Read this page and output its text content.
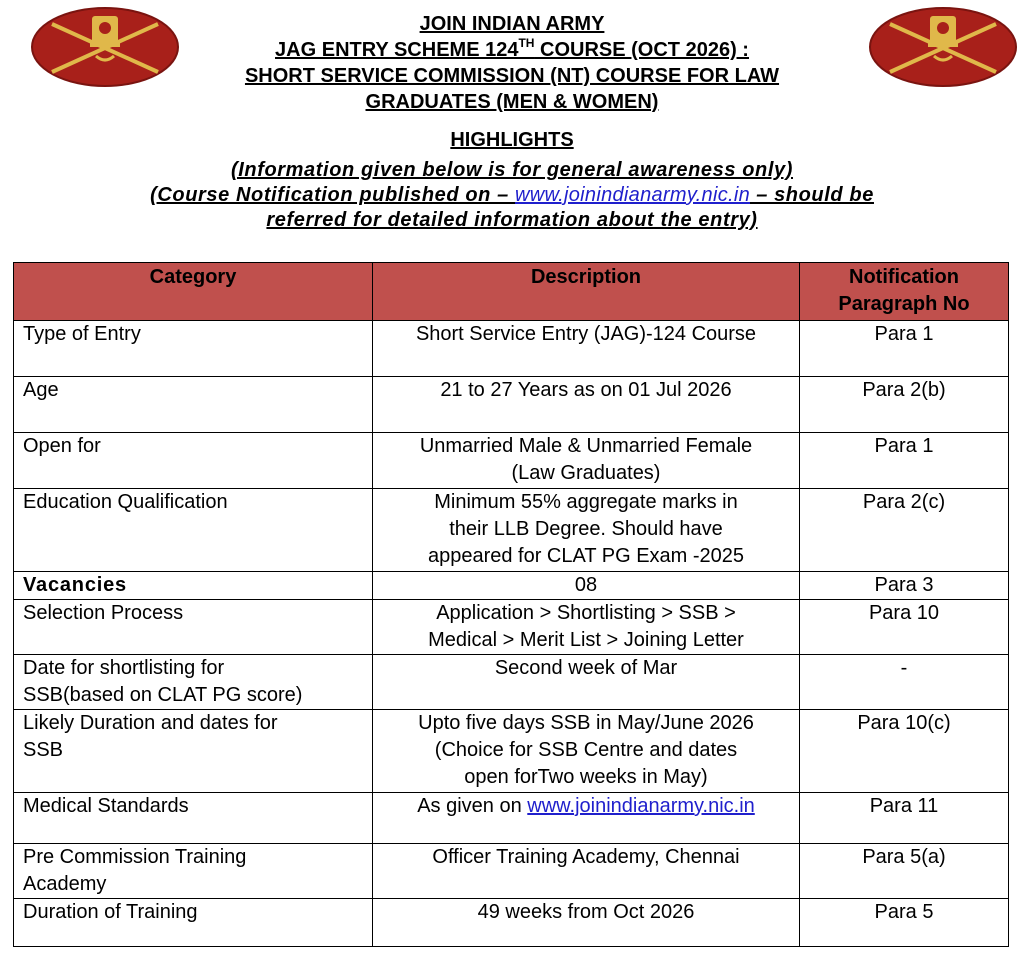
JOIN INDIAN ARMY
JAG ENTRY SCHEME 124TH COURSE (OCT 2026) :
SHORT SERVICE COMMISSION (NT) COURSE FOR LAW
GRADUATES (MEN & WOMEN)
HIGHLIGHTS
(Information given below is for general awareness only)
(Course Notification published on – www.joinindianarmy.nic.in – should be
referred for detailed information about the entry)
Category	Description	Notification
Paragraph No
Type of Entry	Short Service Entry (JAG)-124 Course	Para 1
Age	21 to 27 Years as on 01 Jul 2026	Para 2(b)
Open for	Unmarried Male & Unmarried Female
(Law Graduates)	Para 1
Education Qualification	Minimum 55% aggregate marks in
their LLB Degree. Should have
appeared for CLAT PG Exam -2025	Para 2(c)
Vacancies	08	Para 3
Selection Process	Application > Shortlisting > SSB >
Medical > Merit List > Joining Letter	Para 10
Date for shortlisting for
SSB(based on CLAT PG score)	Second week of Mar	-
Likely Duration and dates for
SSB	Upto five days SSB in May/June 2026
(Choice for SSB Centre and dates
open forTwo weeks in May)	Para 10(c)
Medical Standards	As given on www.joinindianarmy.nic.in	Para 11
Pre Commission Training
Academy	Officer Training Academy, Chennai	Para 5(a)
Duration of Training	49 weeks from Oct 2026	Para 5
